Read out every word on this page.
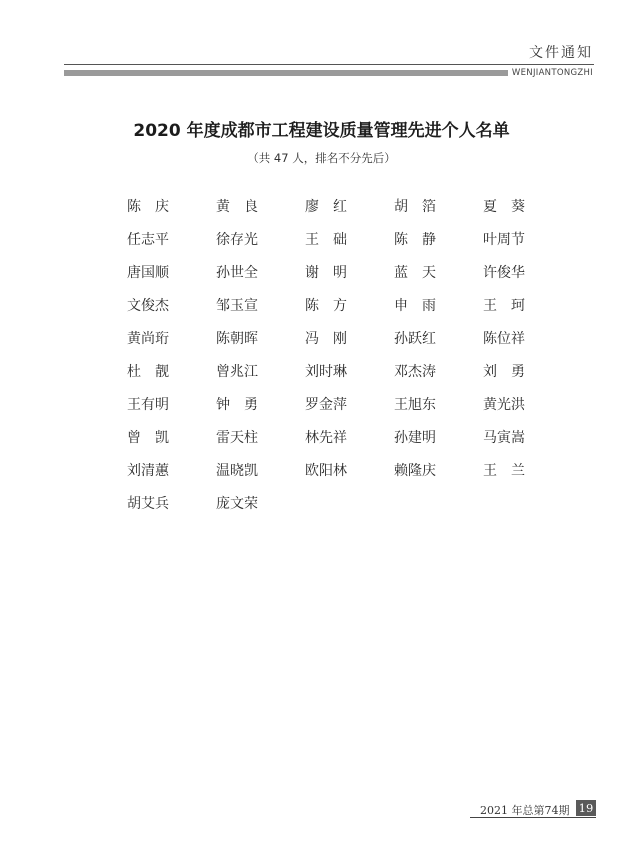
文件通知
WENJIANTONGZHI
2020 年度成都市工程建设质量管理先进个人名单
（共 47 人，排名不分先后）
陈　庆	黄　良	廖　红	胡　箔	夏　葵
任志平	徐存光	王　础	陈　静	叶周节
唐国顺	孙世全	谢　明	蓝　天	许俊华
文俊杰	邹玉宣	陈　方	申　雨	王　珂
黄尚珩	陈朝晖	冯　刚	孙跃红	陈位祥
杜　靓	曾兆江	刘时琳	邓杰涛	刘　勇
王有明	钟　勇	罗金萍	王旭东	黄光洪
曾　凯	雷天柱	林先祥	孙建明	马寅嵩
刘清蕙	温晓凯	欧阳林	赖隆庆	王　兰
胡艾兵	庞文荣
2021 年总第74期 19
